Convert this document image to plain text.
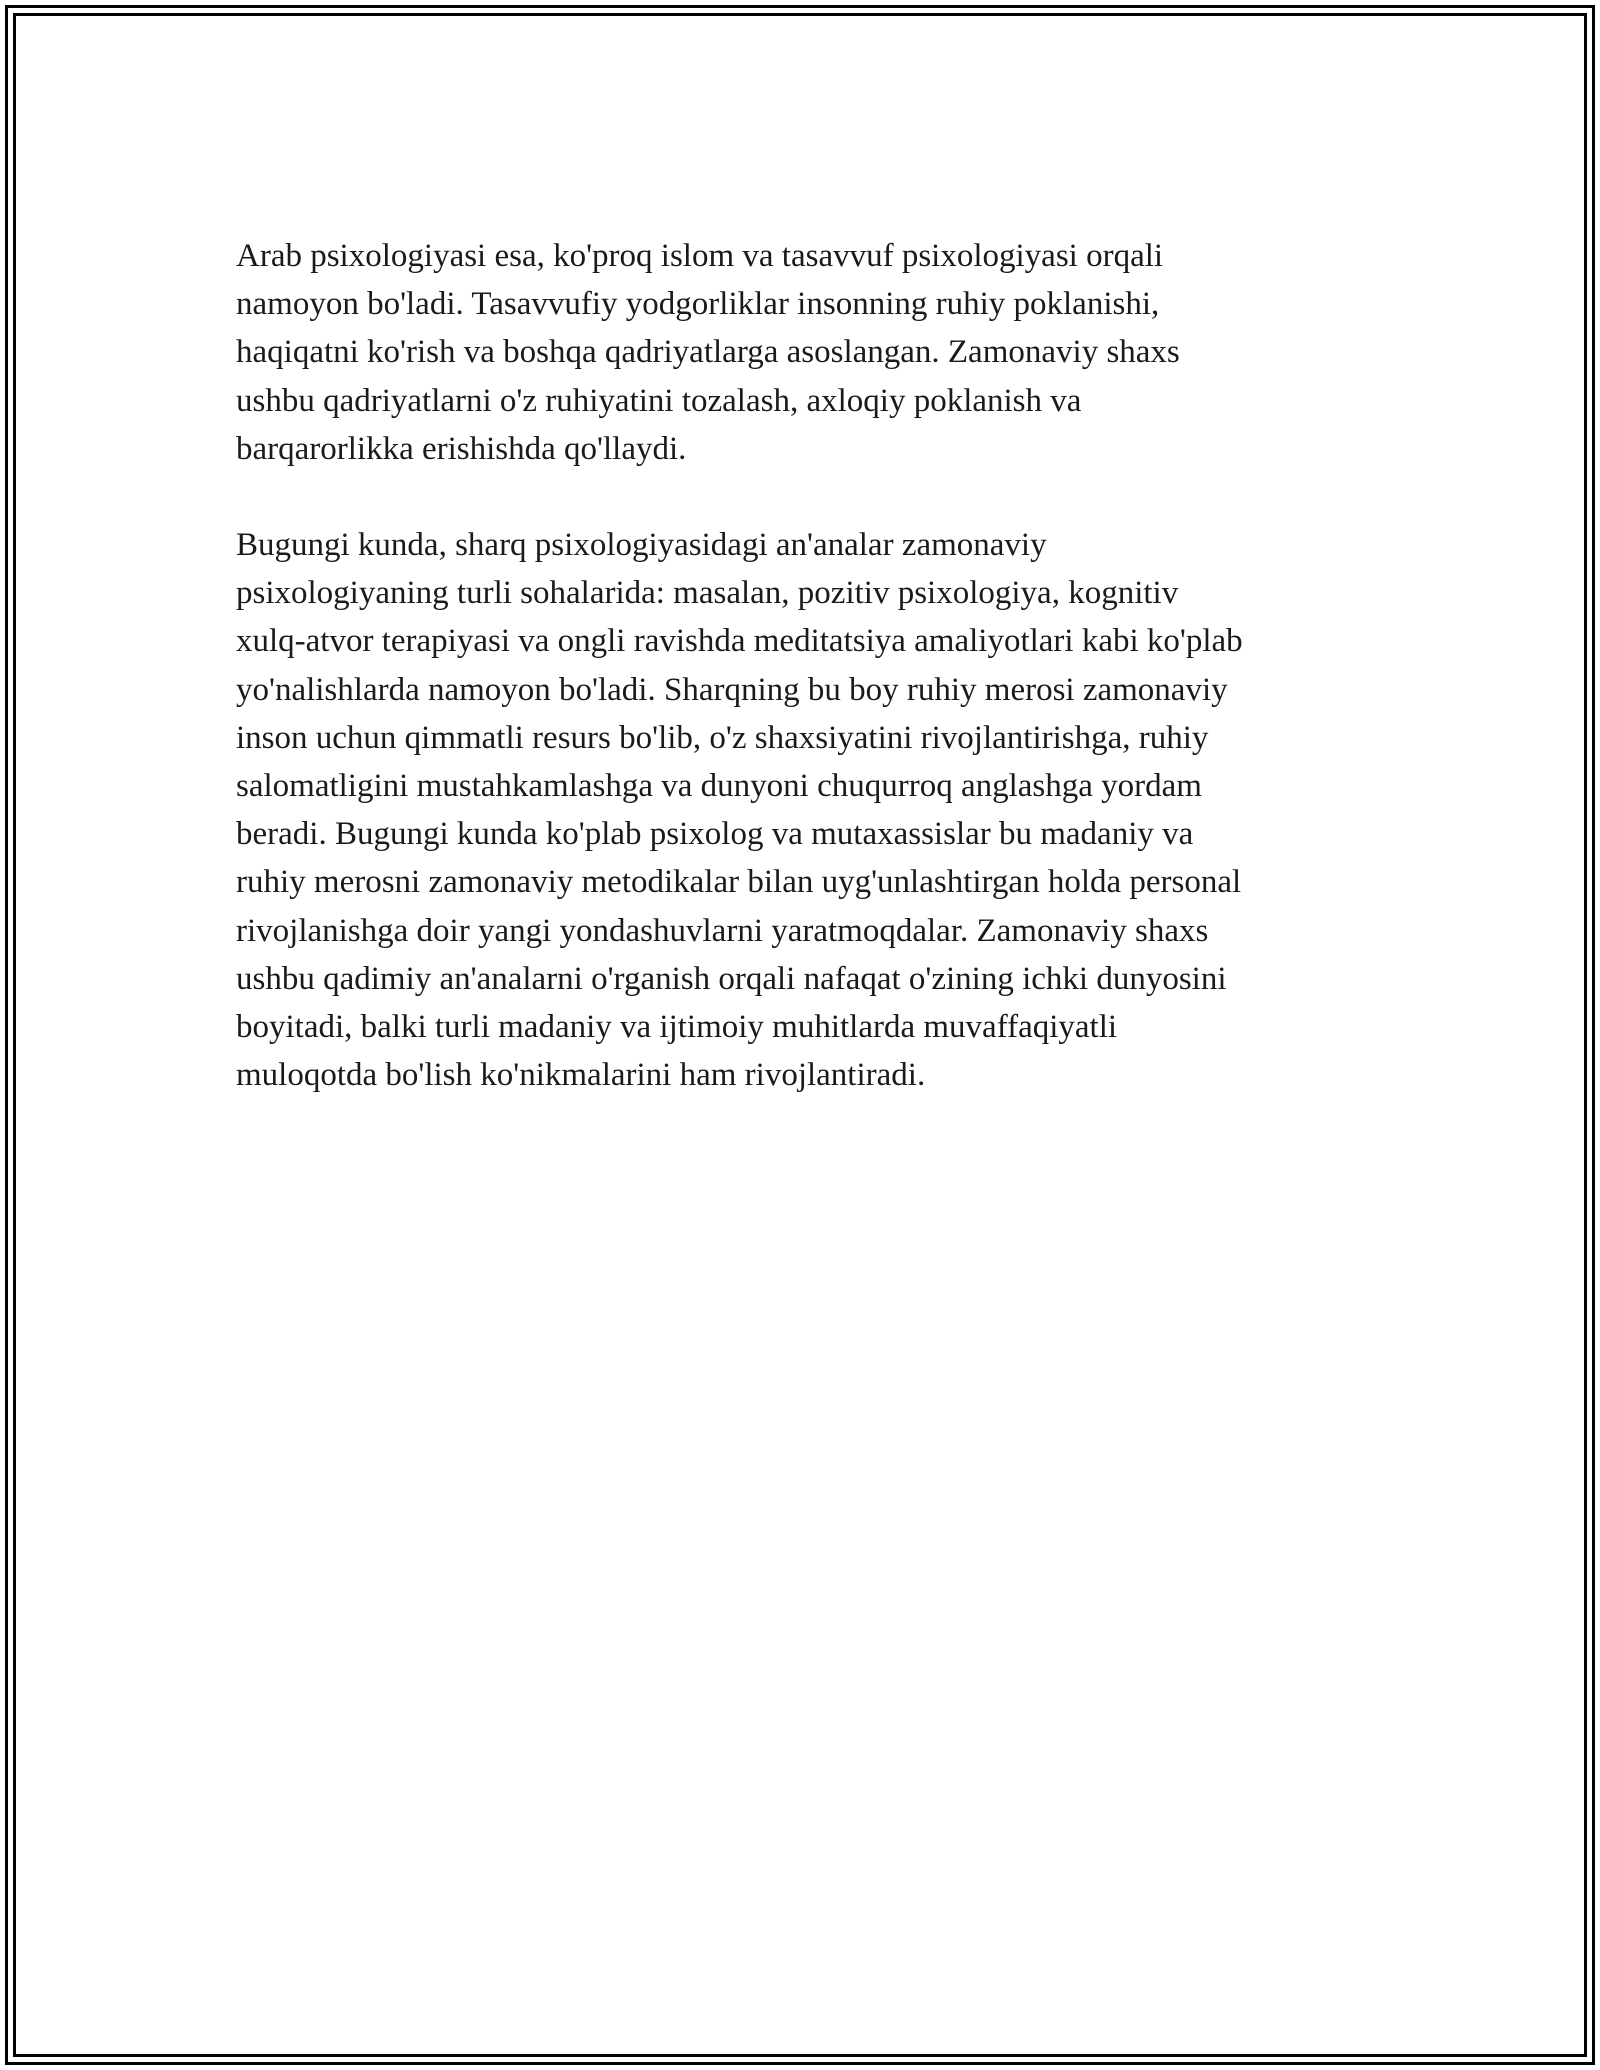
Arab psixologiyasi esa, ko'proq islom va tasavvuf psixologiyasi orqali
namoyon bo'ladi. Tasavvufiy yodgorliklar insonning ruhiy poklanishi,
haqiqatni ko'rish va boshqa qadriyatlarga asoslangan. Zamonaviy shaxs
ushbu qadriyatlarni o'z ruhiyatini tozalash, axloqiy poklanish va
barqarorlikka erishishda qo'llaydi.

Bugungi kunda, sharq psixologiyasidagi an'analar zamonaviy
psixologiyaning turli sohalarida: masalan, pozitiv psixologiya, kognitiv
xulq-atvor terapiyasi va ongli ravishda meditatsiya amaliyotlari kabi ko'plab
yo'nalishlarda namoyon bo'ladi. Sharqning bu boy ruhiy merosi zamonaviy
inson uchun qimmatli resurs bo'lib, o'z shaxsiyatini rivojlantirishga, ruhiy
salomatligini mustahkamlashga va dunyoni chuqurroq anglashga yordam
beradi. Bugungi kunda ko'plab psixolog va mutaxassislar bu madaniy va
ruhiy merosni zamonaviy metodikalar bilan uyg'unlashtirgan holda personal
rivojlanishga doir yangi yondashuvlarni yaratmoqdalar. Zamonaviy shaxs
ushbu qadimiy an'analarni o'rganish orqali nafaqat o'zining ichki dunyosini
boyitadi, balki turli madaniy va ijtimoiy muhitlarda muvaffaqiyatli
muloqotda bo'lish ko'nikmalarini ham rivojlantiradi.
